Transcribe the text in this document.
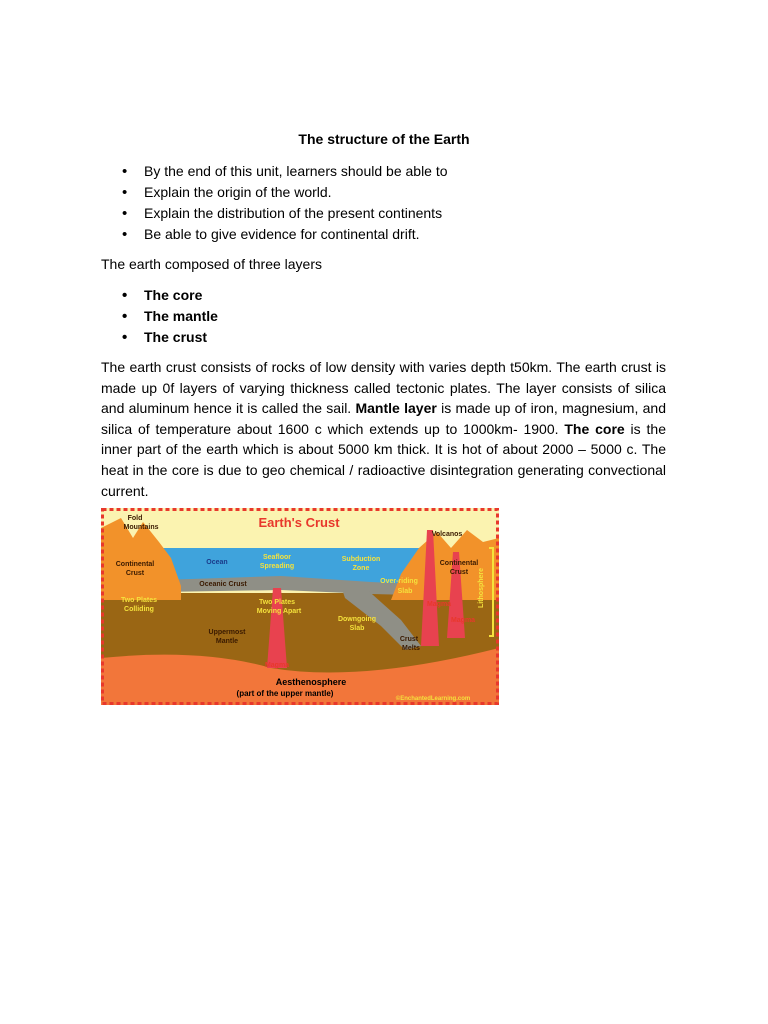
The structure of the Earth
• By the end of this unit, learners should be able to
• Explain the origin of the world.
• Explain the distribution of the present continents
• Be able to give evidence for continental drift.

The earth composed of three layers

• The core
• The mantle
• The crust

The earth crust consists of rocks of low density with varies depth t50km. The earth crust is made up 0f layers of varying thickness called tectonic plates. The layer consists of silica and aluminum hence it is called the sail. Mantle layer is made up of iron, magnesium, and silica of temperature about 1600 c which extends up to 1000km- 1900. The core is the inner part of the earth which is about 5000 km thick. It is hot of about 2000 – 5000 c. The heat in the core is due to geo chemical / radioactive disintegration generating convectional current.

Earth's Crust
Fold
Mountains
Volcanos
Continental
Crust
Ocean
Seafloor
Spreading
Subduction
Zone
Continental
Crust
Oceanic Crust	Over-riding
Slab
Two Plates
Colliding
Two Plates
Moving Apart
Downgoing
Slab
Magma
Magma
Lithosphere
Uppermost
Mantle	Crust
Melts
Magma
Aesthenosphere
(part of the upper mantle)
©EnchantedLearning.com
